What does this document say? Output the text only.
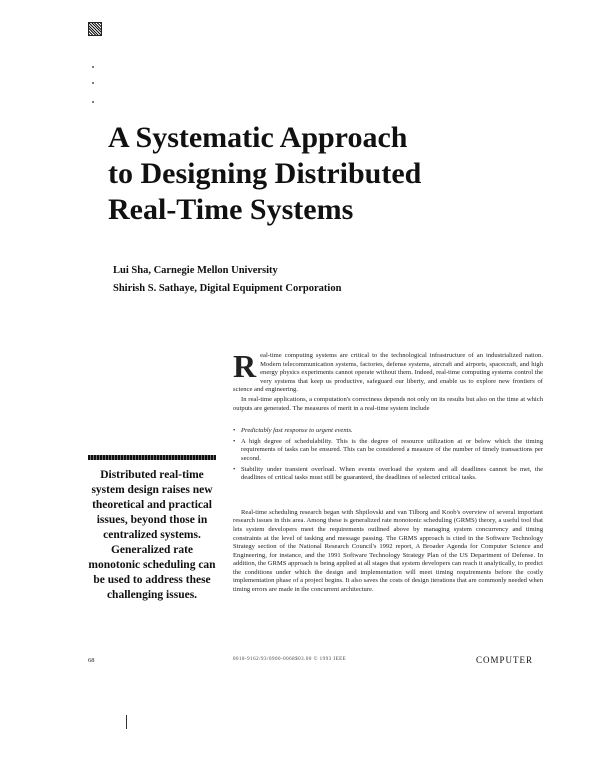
A Systematic Approach
to Designing Distributed
Real-Time Systems
Lui Sha, Carnegie Mellon University
Shirish S. Sathaye, Digital Equipment Corporation

Real-time computing systems are critical to the technological infrastructure of an industrialized nation. Modern telecommunication systems, factories, defense systems, aircraft and airports, spacecraft, and high energy physics experiments cannot operate without them. Indeed, real-time computing systems control the very systems that keep us productive, safeguard our liberty, and enable us to explore new frontiers of science and engineering.

In real-time applications, a computation's correctness depends not only on its results but also on the time at which outputs are generated. The measures of merit in a real-time system include

• Predictably fast response to urgent events.
• A high degree of schedulability. This is the degree of resource utilization at or below which the timing requirements of tasks can be ensured. This can be considered a measure of the number of timely transactions per second.
• Stability under transient overload. When events overload the system and all deadlines cannot be met, the deadlines of critical tasks must still be guaranteed, the deadlines of selected critical tasks.

Real-time scheduling research began with Shpilovski and van Tilborg and Koob's overview of several important research issues in this area. Among these is generalized rate monotonic scheduling (GRMS) theory, a useful tool that lets system developers meet the requirements outlined above by managing system concurrency and timing constraints at the level of tasking and message passing. The GRMS approach is cited in the Software Technology Strategy section of the National Research Council's 1992 report, A Broader Agenda for Computer Science and Engineering, for instance, and the 1991 Software Technology Strategy Plan of the US Department of Defense. In addition, the GRMS approach is being applied at all stages that system developers can reach it analytically, to predict the conditions under which the design and implementation will meet timing requirements before the costly implementation phase of a project begins. It also saves the costs of design iterations that are commonly needed when timing errors are made in the concurrent architecture.

Distributed real-time system design raises new theoretical and practical issues, beyond those in centralized systems. Generalized rate monotonic scheduling can be used to address these challenging issues.
68	0018-9162/93/0900-0068$03.00 © 1993 IEEE	COMPUTER
